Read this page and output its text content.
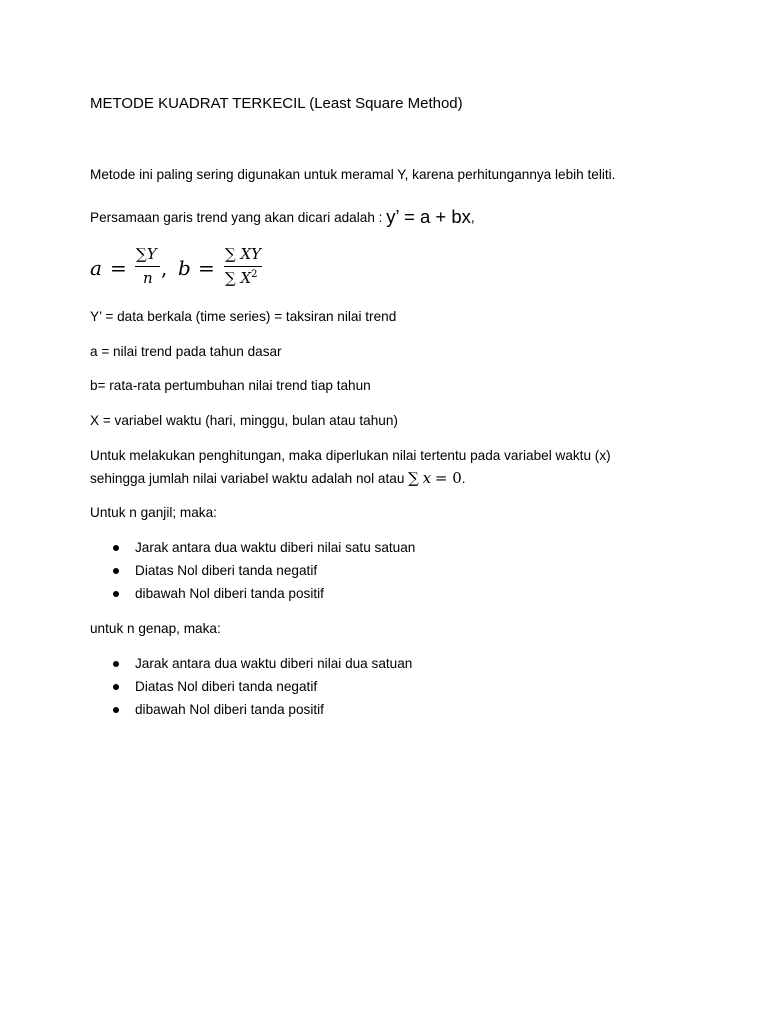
METODE KUADRAT TERKECIL (Least Square Method)
Metode ini paling sering digunakan untuk meramal Y, karena perhitungannya lebih teliti.
Persamaan garis trend yang akan dicari adalah : y’ = a + bx,
a =
∑Y
n , b =
∑ XY
∑ $X^2$
Y’ = data berkala (time series) = taksiran nilai trend
a = nilai trend pada tahun dasar
b= rata-rata pertumbuhan nilai trend tiap tahun
X = variabel waktu (hari, minggu, bulan atau tahun)
Untuk melakukan penghitungan, maka diperlukan nilai tertentu pada variabel waktu (x)
sehingga jumlah nilai variabel waktu adalah nol atau ∑ x = 0.
Untuk n ganjil; maka:
Jarak antara dua waktu diberi nilai satu satuan
Diatas Nol diberi tanda negatif
dibawah Nol diberi tanda positif
untuk n genap, maka:
Jarak antara dua waktu diberi nilai dua satuan
Diatas Nol diberi tanda negatif
dibawah Nol diberi tanda positif
